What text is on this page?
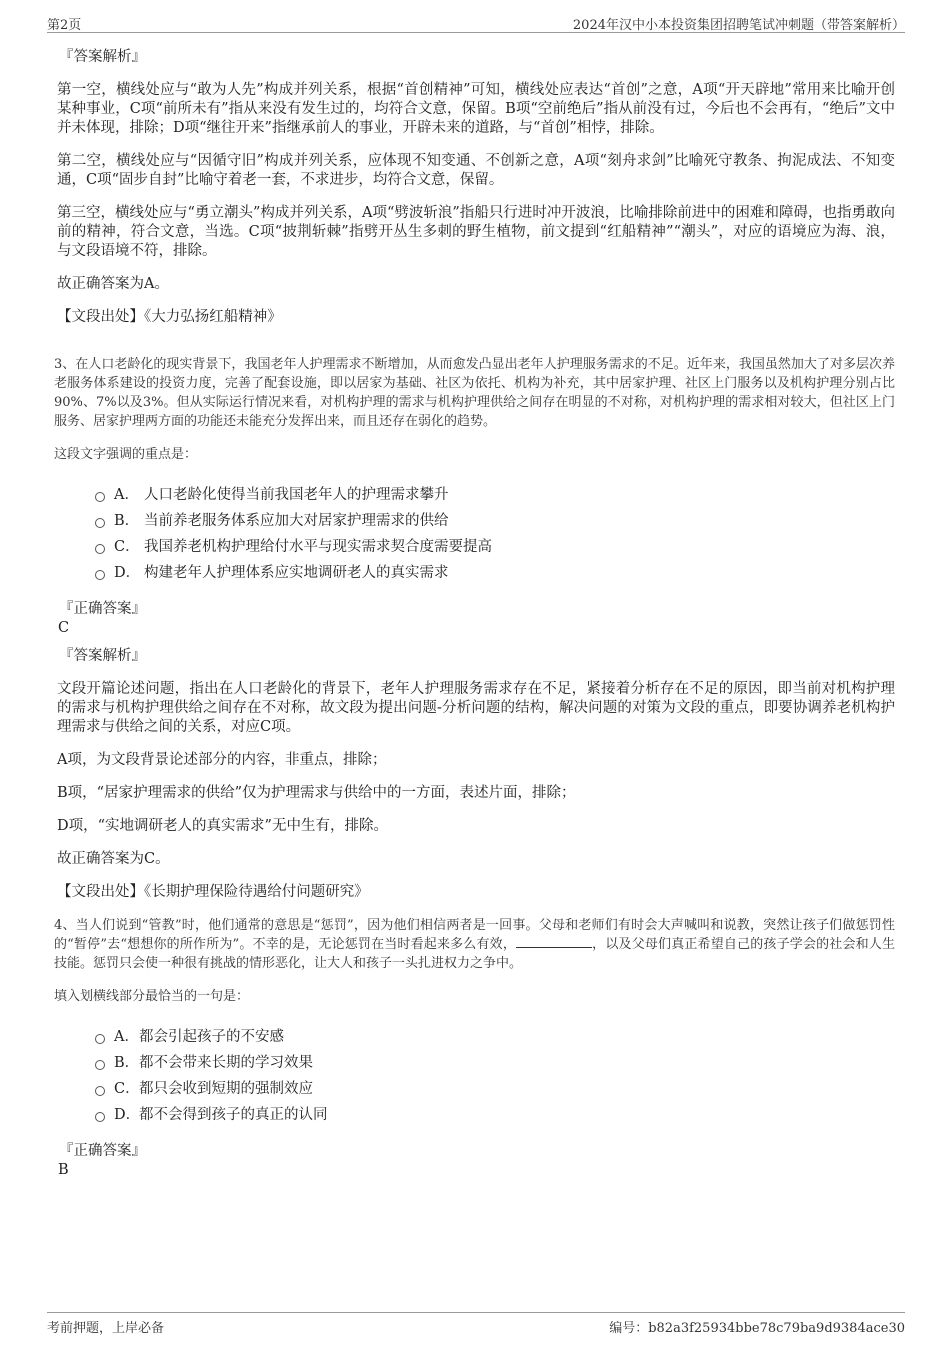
第2页	2024年汉中小本投资集团招聘笔试冲刺题（带答案解析）
『答案解析』

第一空，横线处应与“敢为人先”构成并列关系，根据“首创精神”可知，横线处应表达“首创”之意，A项“开天辟地”常用来比喻开创某种事业，C项“前所未有”指从来没有发生过的，均符合文意，保留。B项“空前绝后”指从前没有过，今后也不会再有，“绝后”文中并未体现，排除；D项“继往开来”指继承前人的事业，开辟未来的道路，与“首创”相悖，排除。

第二空，横线处应与“因循守旧”构成并列关系，应体现不知变通、不创新之意，A项“刻舟求剑”比喻死守教条、拘泥成法、不知变通，C项“固步自封”比喻守着老一套，不求进步，均符合文意，保留。

第三空，横线处应与“勇立潮头”构成并列关系，A项“劈波斩浪”指船只行进时冲开波浪，比喻排除前进中的困难和障碍，也指勇敢向前的精神，符合文意，当选。C项“披荆斩棘”指劈开丛生多刺的野生植物，前文提到“红船精神”“潮头”，对应的语境应为海、浪，与文段语境不符，排除。

故正确答案为A。

【文段出处】《大力弘扬红船精神》

3、在人口老龄化的现实背景下，我国老年人护理需求不断增加，从而愈发凸显出老年人护理服务需求的不足。近年来，我国虽然加大了对多层次养老服务体系建设的投资力度，完善了配套设施，即以居家为基础、社区为依托、机构为补充，其中居家护理、社区上门服务以及机构护理分别占比90%、7%以及3%。但从实际运行情况来看，对机构护理的需求与机构护理供给之间存在明显的不对称，对机构护理的需求相对较大，但社区上门服务、居家护理两方面的功能还未能充分发挥出来，而且还存在弱化的趋势。

这段文字强调的重点是：
A． 人口老龄化使得当前我国老年人的护理需求攀升
B． 当前养老服务体系应加大对居家护理需求的供给
C． 我国养老机构护理给付水平与现实需求契合度需要提高
D． 构建老年人护理体系应实地调研老人的真实需求
『正确答案』
C
『答案解析』

文段开篇论述问题，指出在人口老龄化的背景下，老年人护理服务需求存在不足，紧接着分析存在不足的原因，即当前对机构护理的需求与机构护理供给之间存在不对称，故文段为提出问题-分析问题的结构，解决问题的对策为文段的重点，即要协调养老机构护理需求与供给之间的关系，对应C项。

A项，为文段背景论述部分的内容，非重点，排除；

B项，“居家护理需求的供给”仅为护理需求与供给中的一方面，表述片面，排除；

D项，“实地调研老人的真实需求”无中生有，排除。

故正确答案为C。

【文段出处】《长期护理保险待遇给付问题研究》

4、当人们说到“管教”时，他们通常的意思是“惩罚”，因为他们相信两者是一回事。父母和老师们有时会大声喊叫和说教，突然让孩子们做惩罚性的“暂停”去“想想你的所作所为”。不幸的是，无论惩罚在当时看起来多么有效，	，以及父母们真正希望自己的孩子学会的社会和人生技能。惩罚只会使一种很有挑战的情形恶化，让大人和孩子一头扎进权力之争中。

填入划横线部分最恰当的一句是：
A． 都会引起孩子的不安感
B． 都不会带来长期的学习效果
C． 都只会收到短期的强制效应
D．
都不会得到孩子的真正的认同
『正确答案』
B
考前押题，上岸必备	编号：b82a3f25934bbe78c79ba9d9384ace30
